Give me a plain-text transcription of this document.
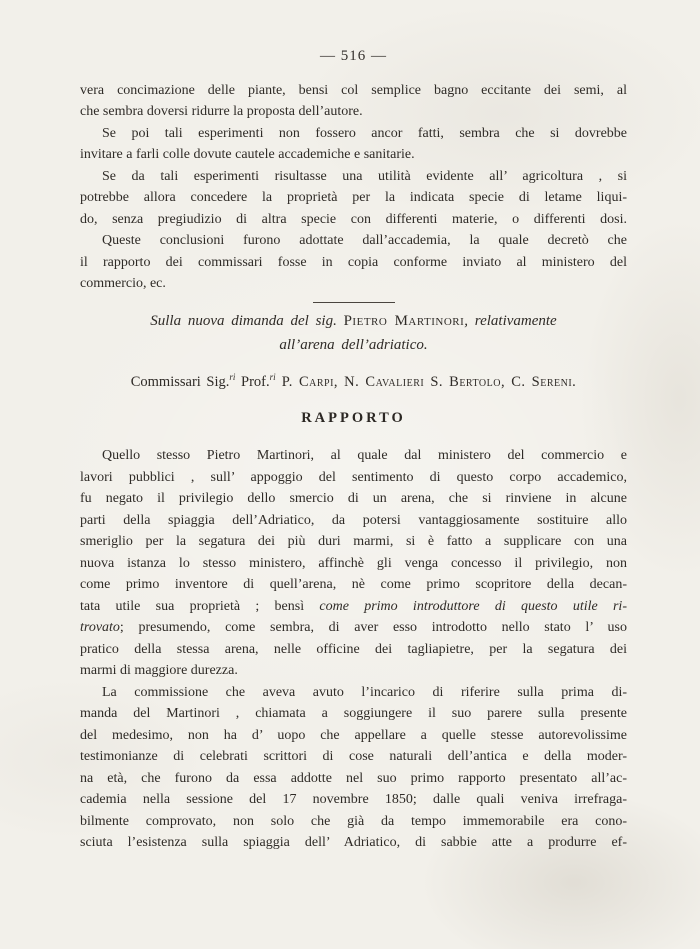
— 516 —
vera concimazione delle piante, bensi col semplice bagno eccitante dei semi, al
che sembra doversi ridurre la proposta dell’autore.
Se poi tali esperimenti non fossero ancor fatti, sembra che si dovrebbe
invitare a farli colle dovute cautele accademiche e sanitarie.
Se da tali esperimenti risultasse una utilità evidente all’ agricoltura , si
potrebbe allora concedere la proprietà per la indicata specie di letame liqui-
do, senza pregiudizio di altra specie con differenti materie, o differenti dosi.
Queste conclusioni furono adottate dall’accademia, la quale decretò che
il rapporto dei commissari fosse in copia conforme inviato al ministero del
commercio, ec.
Sulla nuova dimanda del sig. Pietro Martinori, relativamente
all’arena dell’adriatico.
Commissari Sig.$^{ri}$ Prof.$^{ri}$ P. Carpi, N. Cavalieri S. Bertolo, C. Sereni.
RAPPORTO
Quello stesso Pietro Martinori, al quale dal ministero del commercio e
lavori pubblici , sull’ appoggio del sentimento di questo corpo accademico,
fu negato il privilegio dello smercio di un arena, che si rinviene in alcune
parti della spiaggia dell’Adriatico, da potersi vantaggiosamente sostituire allo
smeriglio per la segatura dei più duri marmi, si è fatto a supplicare con una
nuova istanza lo stesso ministero, affinchè gli venga concesso il privilegio, non
come primo inventore di quell’arena, nè come primo scopritore della decan-
tata utile sua proprietà ; bensì come primo introduttore di questo utile ri-
trovato; presumendo, come sembra, di aver esso introdotto nello stato l’ uso
pratico della stessa arena, nelle officine dei tagliapietre, per la segatura dei
marmi di maggiore durezza.
La commissione che aveva avuto l’incarico di riferire sulla prima di-
manda del Martinori , chiamata a soggiungere il suo parere sulla presente
del medesimo, non ha d’ uopo che appellare a quelle stesse autorevolissime
testimonianze di celebrati scrittori di cose naturali dell’antica e della moder-
na età, che furono da essa addotte nel suo primo rapporto presentato all’ac-
cademia nella sessione del 17 novembre 1850; dalle quali veniva irrefraga-
bilmente comprovato, non solo che già da tempo immemorabile era cono-
sciuta l’esistenza sulla spiaggia dell’ Adriatico, di sabbie atte a produrre ef-
